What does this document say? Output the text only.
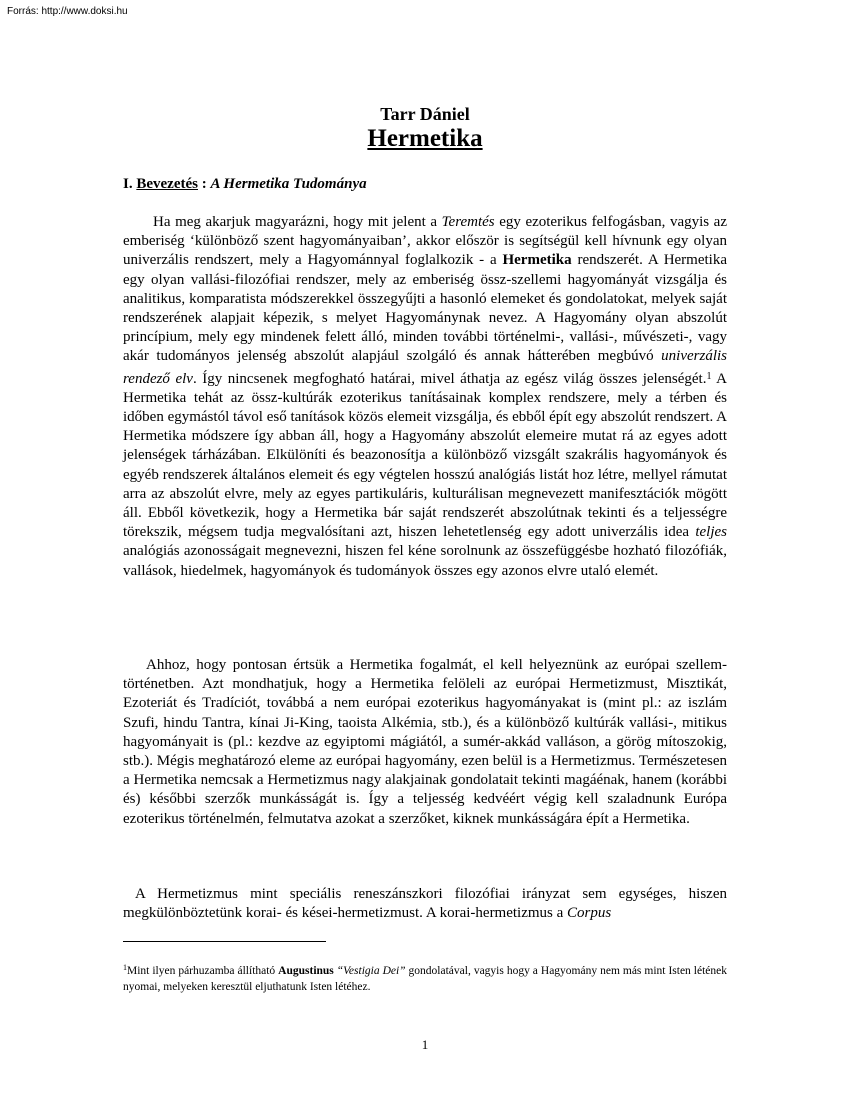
Forrás: http://www.doksi.hu
Tarr Dániel
Hermetika
I. Bevezetés : A Hermetika Tudománya
Ha meg akarjuk magyarázni, hogy mit jelent a Teremtés egy ezoterikus felfogásban, vagyis az emberiség ‘különböző szent hagyományaiban’, akkor először is segítségül kell hívnunk egy olyan univerzális rendszert, mely a Hagyománnyal foglalkozik - a Hermetika rendszerét. A Hermetika egy olyan vallási-filozófiai rendszer, mely az emberiség össz-szellemi hagyományát vizsgálja és analitikus, komparatista módszerekkel összegyűjti a hasonló elemeket és gondolatokat, melyek saját rendszerének alapjait képezik, s melyet Hagyománynak nevez. A Hagyomány olyan abszolút princípium, mely egy mindenek felett álló, minden további történelmi-, vallási-, művészeti-, vagy akár tudományos jelenség abszolút alapjául szolgáló és annak hátterében megbúvó univerzális rendező elv. Így nincsenek megfogható határai, mivel áthatja az egész világ összes jelenségét.$^1$ A Hermetika tehát az össz-kultúrák ezoterikus tanításainak komplex rendszere, mely a térben és időben egymástól távol eső tanítások közös elemeit vizsgálja, és ebből épít egy abszolút rendszert. A Hermetika módszere így abban áll, hogy a Hagyomány abszolút elemeire mutat rá az egyes adott jelenségek tárházában. Elkülöníti és beazonosítja a különböző vizsgált szakrális hagyományok és egyéb rendszerek általános elemeit és egy végtelen hosszú analógiás listát hoz létre, mellyel rámutat arra az abszolút elvre, mely az egyes partikuláris, kulturálisan megnevezett manifesztációk mögött áll. Ebből következik, hogy a Hermetika bár saját rendszerét abszolútnak tekinti és a teljességre törekszik, mégsem tudja megvalósítani azt, hiszen lehetetlenség egy adott univerzális idea teljes analógiás azonosságait megnevezni, hiszen fel kéne sorolnunk az összefüggésbe hozható filozófiák, vallások, hiedelmek, hagyományok és tudományok összes egy azonos elvre utaló elemét.
Ahhoz, hogy pontosan értsük a Hermetika fogalmát, el kell helyeznünk az európai szellem-történetben. Azt mondhatjuk, hogy a Hermetika felöleli az európai Hermetizmust, Misztikát, Ezoteriát és Tradíciót, továbbá a nem európai ezoterikus hagyományakat is (mint pl.: az iszlám Szufi, hindu Tantra, kínai Ji-King, taoista Alkémia, stb.), és a különböző kultúrák vallási-, mitikus hagyományait is (pl.: kezdve az egyiptomi mágiától, a sumér-akkád valláson, a görög mítoszokig, stb.). Mégis meghatározó eleme az európai hagyomány, ezen belül is a Hermetizmus. Természetesen a Hermetika nemcsak a Hermetizmus nagy alakjainak gondolatait tekinti magáénak, hanem (korábbi és) későbbi szerzők munkásságát is. Így a teljesség kedvéért végig kell szaladnunk Európa ezoterikus történelmén, felmutatva azokat a szerzőket, kiknek munkásságára épít a Hermetika.
A Hermetizmus mint speciális reneszánszkori filozófiai irányzat sem egységes, hiszen megkülönböztetünk korai- és kései-hermetizmust. A korai-hermetizmus a Corpus
$^1$Mint ilyen párhuzamba állítható Augustinus “Vestigia Dei” gondolatával, vagyis hogy a Hagyomány nem más mint Isten létének nyomai, melyeken keresztül eljuthatunk Isten létéhez.
1
